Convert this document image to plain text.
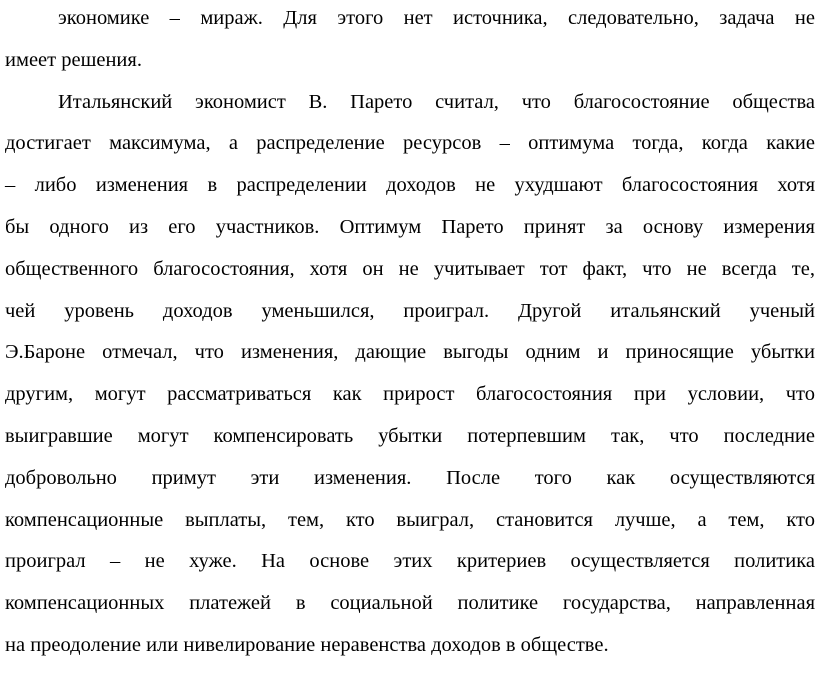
экономике – мираж. Для этого нет источника, следовательно, задача не
имеет решения.
Итальянский экономист В. Парето считал, что благосостояние общества
достигает максимума, а распределение ресурсов – оптимума тогда, когда какие
– либо изменения в распределении доходов не ухудшают благосостояния хотя
бы одного из его участников. Оптимум Парето принят за основу измерения
общественного благосостояния, хотя он не учитывает тот факт, что не всегда те,
чей уровень доходов уменьшился, проиграл. Другой итальянский ученый
Э.Бароне отмечал, что изменения, дающие выгоды одним и приносящие убытки
другим, могут рассматриваться как прирост благосостояния при условии, что
выигравшие могут компенсировать убытки потерпевшим так, что последние
добровольно примут эти изменения. После того как осуществляются
компенсационные выплаты, тем, кто выиграл, становится лучше, а тем, кто
проиграл – не хуже. На основе этих критериев осуществляется политика
компенсационных платежей в социальной политике государства, направленная
на преодоление или нивелирование неравенства доходов в обществе.
